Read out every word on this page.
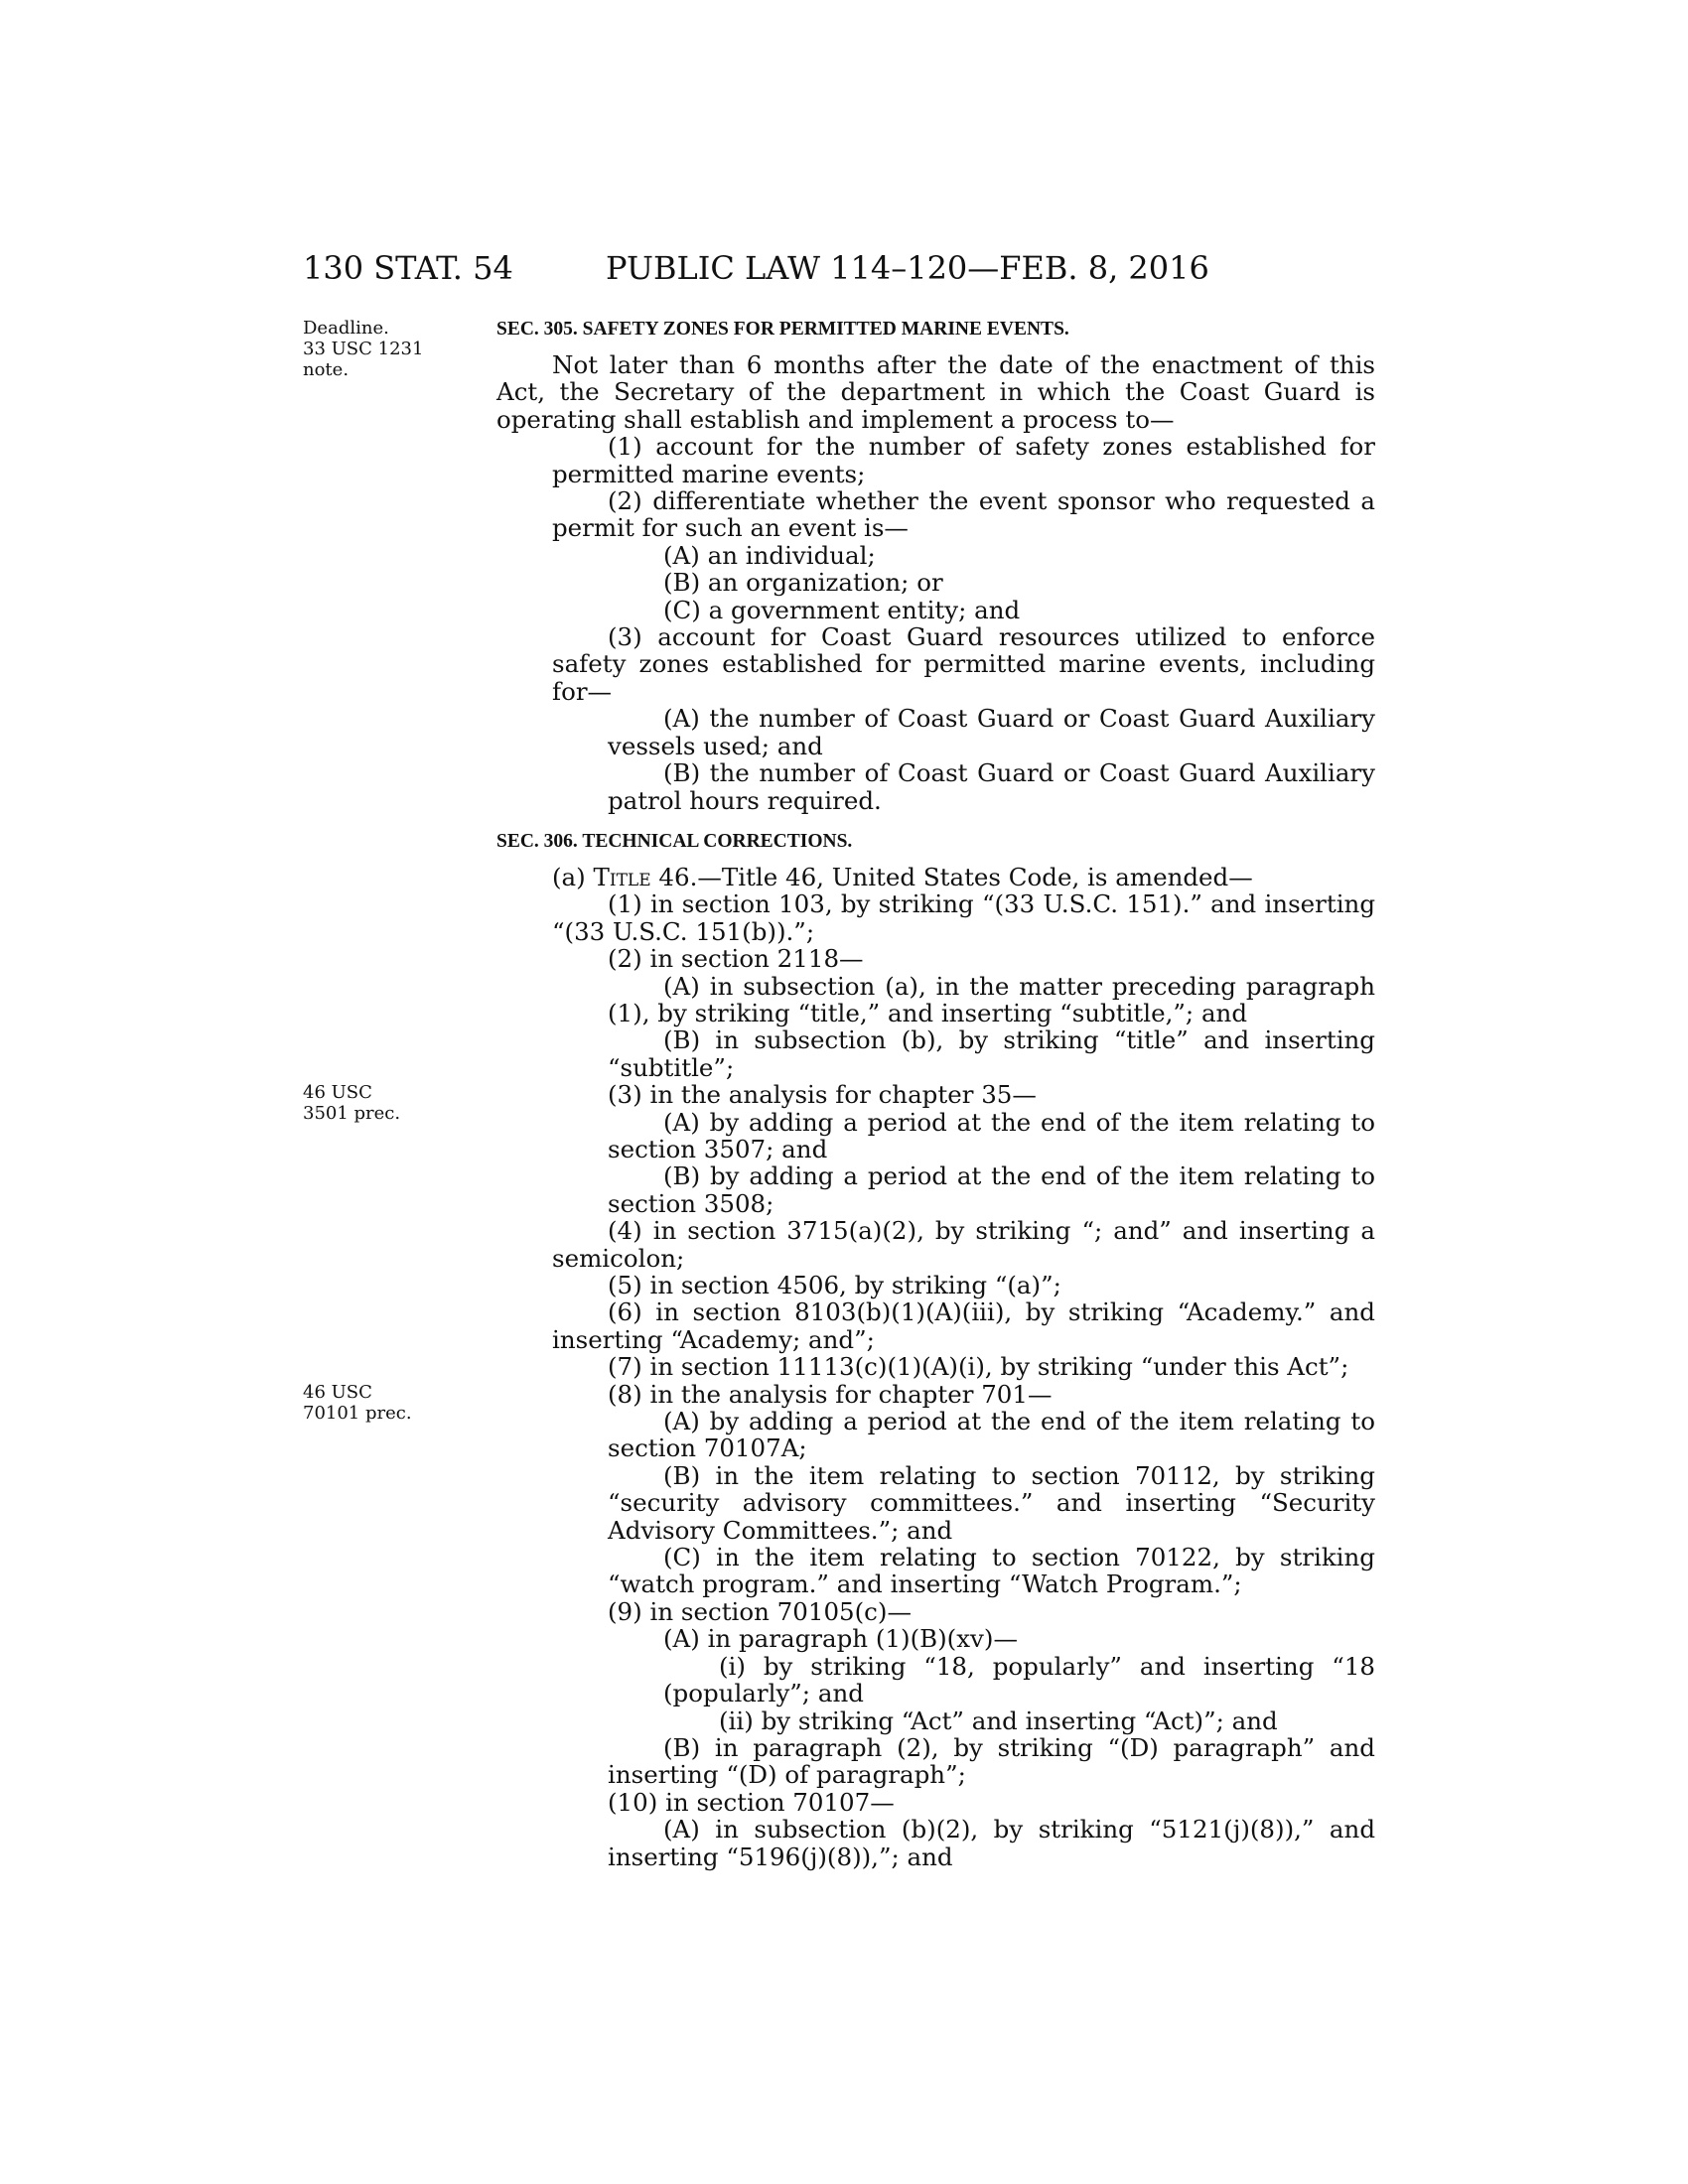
130 STAT. 54	PUBLIC LAW 114–120—FEB. 8, 2016
Deadline.
33 USC 1231
note.
46 USC
3501 prec.
46 USC
70101 prec.

SEC. 305. SAFETY ZONES FOR PERMITTED MARINE EVENTS.

Not later than 6 months after the date of the enactment of this Act, the Secretary of the department in which the Coast Guard is operating shall establish and implement a process to—

(1) account for the number of safety zones established for permitted marine events;

(2) differentiate whether the event sponsor who requested a permit for such an event is—

(A) an individual;

(B) an organization; or

(C) a government entity; and

(3) account for Coast Guard resources utilized to enforce safety zones established for permitted marine events, including for—

(A) the number of Coast Guard or Coast Guard Auxiliary vessels used; and

(B) the number of Coast Guard or Coast Guard Auxiliary patrol hours required.

SEC. 306. TECHNICAL CORRECTIONS.

(a) Title 46.—Title 46, United States Code, is amended—

(1) in section 103, by striking “(33 U.S.C. 151).” and inserting “(33 U.S.C. 151(b)).”;

(2) in section 2118—

(A) in subsection (a), in the matter preceding paragraph (1), by striking “title,” and inserting “subtitle,”; and

(B) in subsection (b), by striking “title” and inserting “subtitle”;

(3) in the analysis for chapter 35—

(A) by adding a period at the end of the item relating to section 3507; and

(B) by adding a period at the end of the item relating to section 3508;

(4) in section 3715(a)(2), by striking “; and” and inserting a semicolon;

(5) in section 4506, by striking “(a)”;

(6) in section 8103(b)(1)(A)(iii), by striking “Academy.” and inserting “Academy; and”;

(7) in section 11113(c)(1)(A)(i), by striking “under this Act”;

(8) in the analysis for chapter 701—

(A) by adding a period at the end of the item relating to section 70107A;

(B) in the item relating to section 70112, by striking “security advisory committees.” and inserting “Security Advisory Committees.”; and

(C) in the item relating to section 70122, by striking “watch program.” and inserting “Watch Program.”;

(9) in section 70105(c)—

(A) in paragraph (1)(B)(xv)—

(i) by striking “18, popularly” and inserting “18 (popularly”; and

(ii) by striking “Act” and inserting “Act)”; and

(B) in paragraph (2), by striking “(D) paragraph” and inserting “(D) of paragraph”;

(10) in section 70107—

(A) in subsection (b)(2), by striking “5121(j)(8)),” and inserting “5196(j)(8)),”; and
